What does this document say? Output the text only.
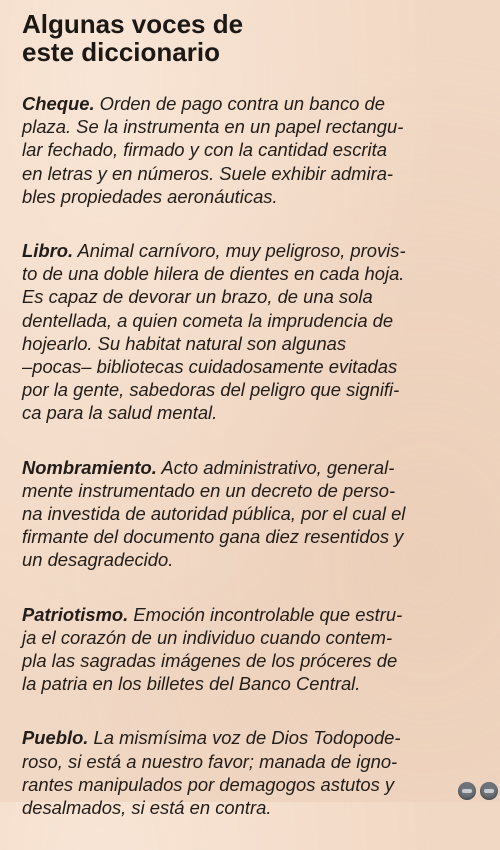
Algunas voces de
este diccionario

Cheque. Orden de pago contra un banco de
plaza. Se la instrumenta en un papel rectangu-
lar fechado, firmado y con la cantidad escrita
en letras y en números. Suele exhibir admira-
bles propiedades aeronáuticas.

Libro. Animal carnívoro, muy peligroso, provis-
to de una doble hilera de dientes en cada hoja.
Es capaz de devorar un brazo, de una sola
dentellada, a quien cometa la imprudencia de
hojearlo. Su habitat natural son algunas
–pocas– bibliotecas cuidadosamente evitadas
por la gente, sabedoras del peligro que signifi-
ca para la salud mental.

Nombramiento. Acto administrativo, general-
mente instrumentado en un decreto de perso-
na investida de autoridad pública, por el cual el
firmante del documento gana diez resentidos y
un desagradecido.

Patriotismo. Emoción incontrolable que estru-
ja el corazón de un individuo cuando contem-
pla las sagradas imágenes de los próceres de
la patria en los billetes del Banco Central.

Pueblo. La mismísima voz de Dios Todopode-
roso, si está a nuestro favor; manada de igno-
rantes manipulados por demagogos astutos y
desalmados, si está en contra.
